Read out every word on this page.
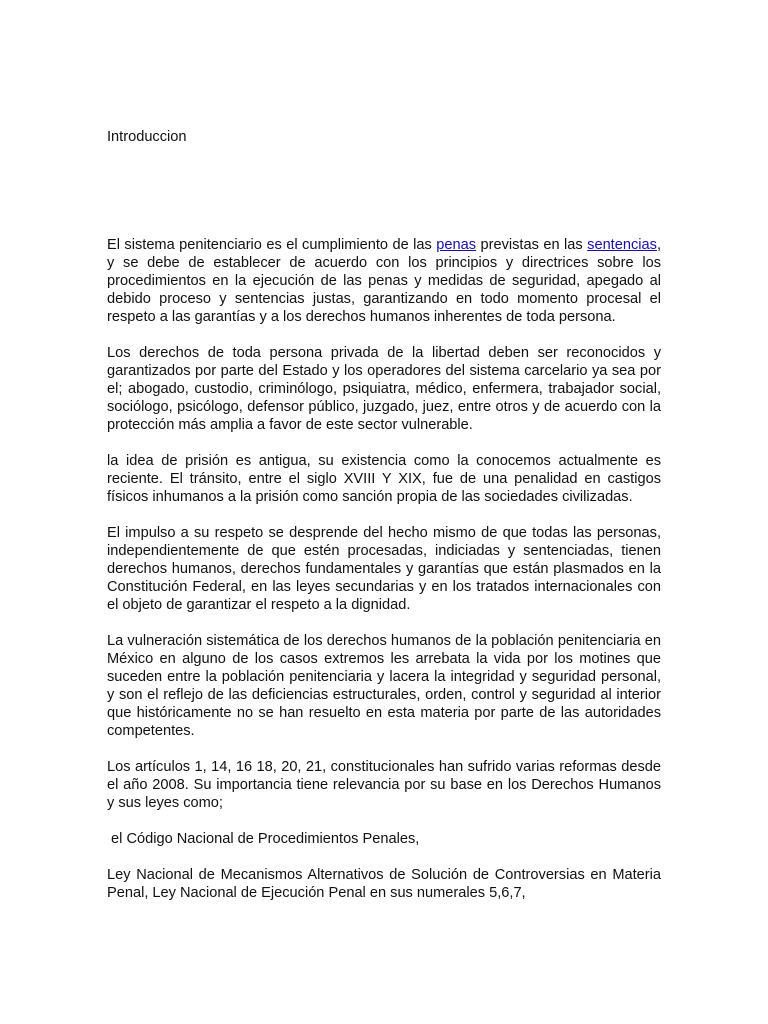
Introduccion

El sistema penitenciario es el cumplimiento de las penas previstas en las sentencias, y se debe de establecer de acuerdo con los principios y directrices sobre los procedimientos en la ejecución de las penas y medidas de seguridad, apegado al debido proceso y sentencias justas, garantizando en todo momento procesal el respeto a las garantías y a los derechos humanos inherentes de toda persona.

Los derechos de toda persona privada de la libertad deben ser reconocidos y garantizados por parte del Estado y los operadores del sistema carcelario ya sea por el; abogado, custodio, criminólogo, psiquiatra, médico, enfermera, trabajador social, sociólogo, psicólogo, defensor público, juzgado, juez, entre otros y de acuerdo con la protección más amplia a favor de este sector vulnerable.

la idea de prisión es antigua, su existencia como la conocemos actualmente es reciente. El tránsito, entre el siglo XVIII Y XIX, fue de una penalidad en castigos físicos inhumanos a la prisión como sanción propia de las sociedades civilizadas.

El impulso a su respeto se desprende del hecho mismo de que todas las personas, independientemente de que estén procesadas, indiciadas y sentenciadas, tienen derechos humanos, derechos fundamentales y garantías que están plasmados en la Constitución Federal, en las leyes secundarias y en los tratados internacionales con el objeto de garantizar el respeto a la dignidad.

La vulneración sistemática de los derechos humanos de la población penitenciaria en México en alguno de los casos extremos les arrebata la vida por los motines que suceden entre la población penitenciaria y lacera la integridad y seguridad personal, y son el reflejo de las deficiencias estructurales, orden, control y seguridad al interior que históricamente no se han resuelto en esta materia por parte de las autoridades competentes.

Los artículos 1, 14, 16 18, 20, 21, constitucionales han sufrido varias reformas desde el año 2008. Su importancia tiene relevancia por su base en los Derechos Humanos y sus leyes como;

el Código Nacional de Procedimientos Penales,

Ley Nacional de Mecanismos Alternativos de Solución de Controversias en Materia Penal, Ley Nacional de Ejecución Penal en sus numerales 5,6,7,
